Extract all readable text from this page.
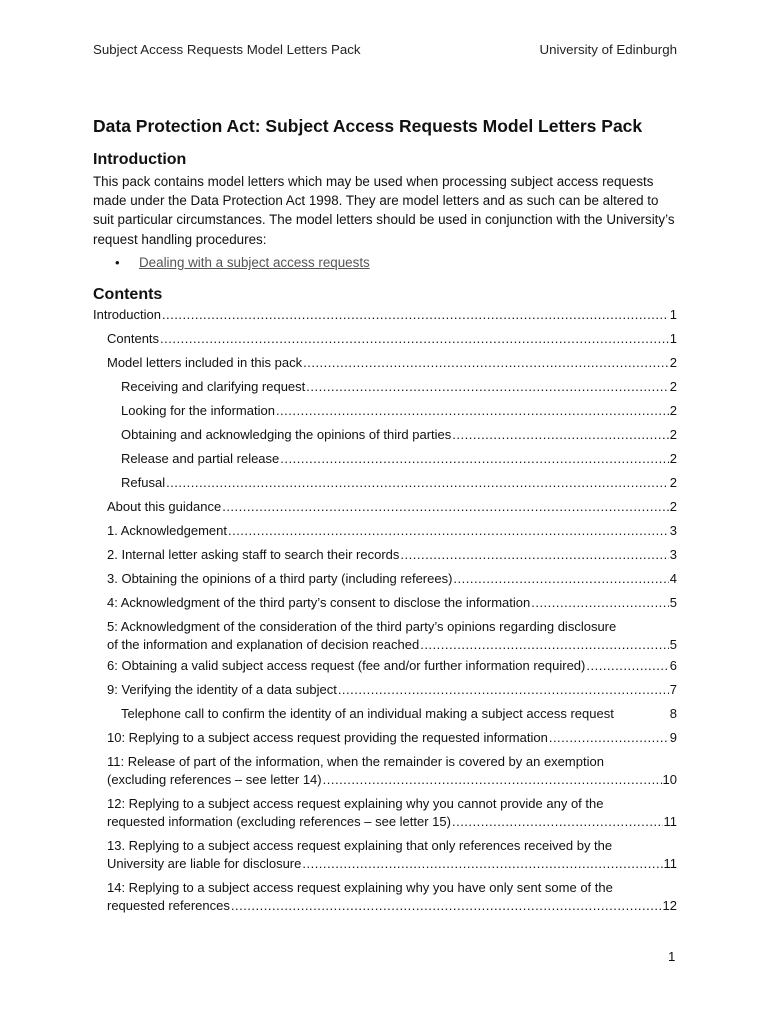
Subject Access Requests Model Letters Pack	University of Edinburgh
Data Protection Act: Subject Access Requests Model Letters Pack
Introduction

This pack contains model letters which may be used when processing subject access requests made under the Data Protection Act 1998. They are model letters and as such can be altered to suit particular circumstances. The model letters should be used in conjunction with the University’s request handling procedures:

•	Dealing with a subject access requests
Contents
Introduction .....	1
Contents .....	1
Model letters included in this pack .....	2
Receiving and clarifying request .....	2
Looking for the information .....	2
Obtaining and acknowledging the opinions of third parties .....	2
Release and partial release .....	2
Refusal .....	2
About this guidance .....	2
1. Acknowledgement .....	3
2. Internal letter asking staff to search their records .....	3
3. Obtaining the opinions of a third party (including referees) .....	4
4: Acknowledgment of the third party’s consent to disclose the information .....	5
5: Acknowledgment of the consideration of the third party’s opinions regarding disclosure
of the information and explanation of decision reached .....	5
6: Obtaining a valid subject access request (fee and/or further information required) .....	6
9: Verifying the identity of a data subject .....	7
Telephone call to confirm the identity of an individual making a subject access request	8
10: Replying to a subject access request providing the requested information .....	9
11: Release of part of the information, when the remainder is covered by an exemption
(excluding references – see letter 14) .....	10
12: Replying to a subject access request explaining why you cannot provide any of the
requested information (excluding references – see letter 15) .....	11
13. Replying to a subject access request explaining that only references received by the
University are liable for disclosure .....	11
14: Replying to a subject access request explaining why you have only sent some of the
requested references .....	12
1
